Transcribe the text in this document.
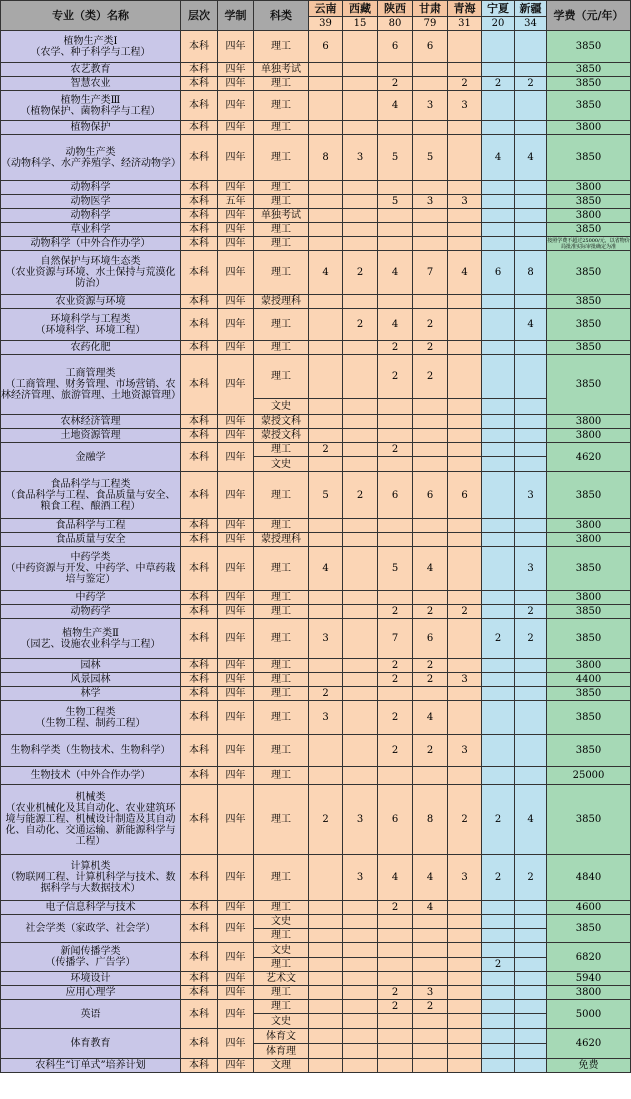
专业（类）名称	层次	学制	科类	云南	西藏	陕西	甘肃	青海	宁夏	新疆	学费（元/年）
				39	15	80	79	31	20	34	
植物生产类Ⅰ
（农学、种子科学与工程）	本科	四年	理工	6		6	6				3850
农艺教育	本科	四年	单独考试								3850
智慧农业	本科	四年	理工			2		2	2	2	3850
植物生产类Ⅲ
（植物保护、菌物科学与工程）	本科	四年	理工			4	3	3			3850
植物保护	本科	四年	理工								3800
动物生产类
（动物科学、水产养殖学、经济动物学）	本科	四年	理工	8	3	5	5		4	4	3850
动物科学	本科	四年	理工								3800
动物医学	本科	五年	理工			5	3	3			3850
动物科学	本科	四年	单独考试								3800
草业科学	本科	四年	理工								3850
动物科学（中外合作办学）	本科	四年	理工								按照学费不超过25000/元，以省物价局批准实际审批确定为准
自然保护与环境生态类
（农业资源与环境、水土保持与荒漠化防治）	本科	四年	理工	4	2	4	7	4	6	8	3850
农业资源与环境	本科	四年	蒙授理科								3850
环境科学与工程类
（环境科学、环境工程）	本科	四年	理工		2	4	2			4	3850
农药化肥	本科	四年	理工			2	2				3850
工商管理类
（工商管理、财务管理、市场营销、农林经济管理、旅游管理、土地资源管理）	本科	四年	理工			2	2				3850
			文史								
农林经济管理	本科	四年	蒙授文科								3800
土地资源管理	本科	四年	蒙授文科								3800
金融学	本科	四年	理工	2		2					4620
			文史								
食品科学与工程类
（食品科学与工程、食品质量与安全、粮食工程、酿酒工程）	本科	四年	理工	5	2	6	6	6		3	3850
食品科学与工程	本科	四年	理工								3800
食品质量与安全	本科	四年	蒙授理科								3800
中药学类
（中药资源与开发、中药学、中草药栽培与鉴定）	本科	四年	理工	4		5	4			3	3850
中药学	本科	四年	理工								3800
动物药学	本科	四年	理工			2	2	2		2	3850
植物生产类Ⅱ
（园艺、设施农业科学与工程）	本科	四年	理工	3		7	6		2	2	3850
园林	本科	四年	理工			2	2				3800
风景园林	本科	四年	理工			2	2	3			4400
林学	本科	四年	理工	2							3850
生物工程类
（生物工程、制药工程）	本科	四年	理工	3		2	4				3850
生物科学类（生物技术、生物科学）	本科	四年	理工			2	2	3			3850
生物技术（中外合作办学）	本科	四年	理工								25000
机械类
（农业机械化及其自动化、农业建筑环境与能源工程、机械设计制造及其自动化、自动化、交通运输、新能源科学与工程）	本科	四年	理工	2	3	6	8	2	2	4	3850
计算机类
（物联网工程、计算机科学与技术、数据科学与大数据技术）	本科	四年	理工		3	4	4	3	2	2	4840
电子信息科学与技术	本科	四年	理工			2	4				4600
社会学类（家政学、社会学）	本科	四年	文史								3850
			理工								
新闻传播学类
（传播学、广告学）	本科	四年	文史								6820
			理工						2		
环境设计	本科	四年	艺术文								5940
应用心理学	本科	四年	理工			2	3				3800
英语	本科	四年	理工			2	2				5000
			文史								
体育教育	本科	四年	体育文								4620
			体育理								
农科生“订单式”培养计划	本科	四年	文理								免费
